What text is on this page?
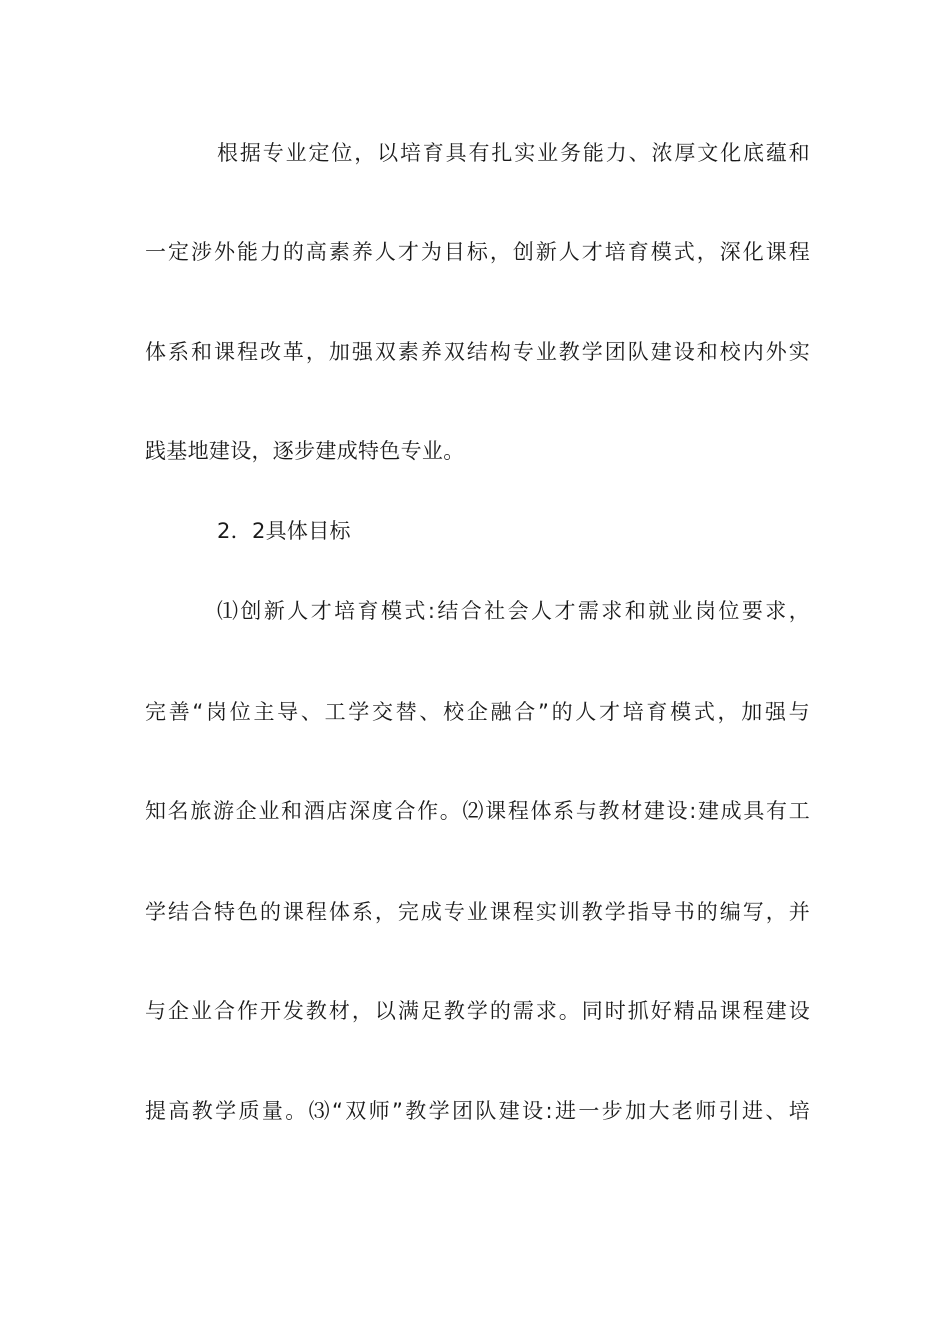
根据专业定位，以培育具有扎实业务能力、浓厚文化底蕴和
一定涉外能力的高素养人才为目标，创新人才培育模式，深化课程
体系和课程改革，加强双素养双结构专业教学团队建设和校内外实
践基地建设，逐步建成特色专业。
2．2具体目标
⑴创新人才培育模式:结合社会人才需求和就业岗位要求，
完善“岗位主导、工学交替、校企融合”的人才培育模式，加强与
知名旅游企业和酒店深度合作。⑵课程体系与教材建设:建成具有工
学结合特色的课程体系，完成专业课程实训教学指导书的编写，并
与企业合作开发教材，以满足教学的需求。同时抓好精品课程建设
提高教学质量。⑶“双师”教学团队建设:进一步加大老师引进、培
